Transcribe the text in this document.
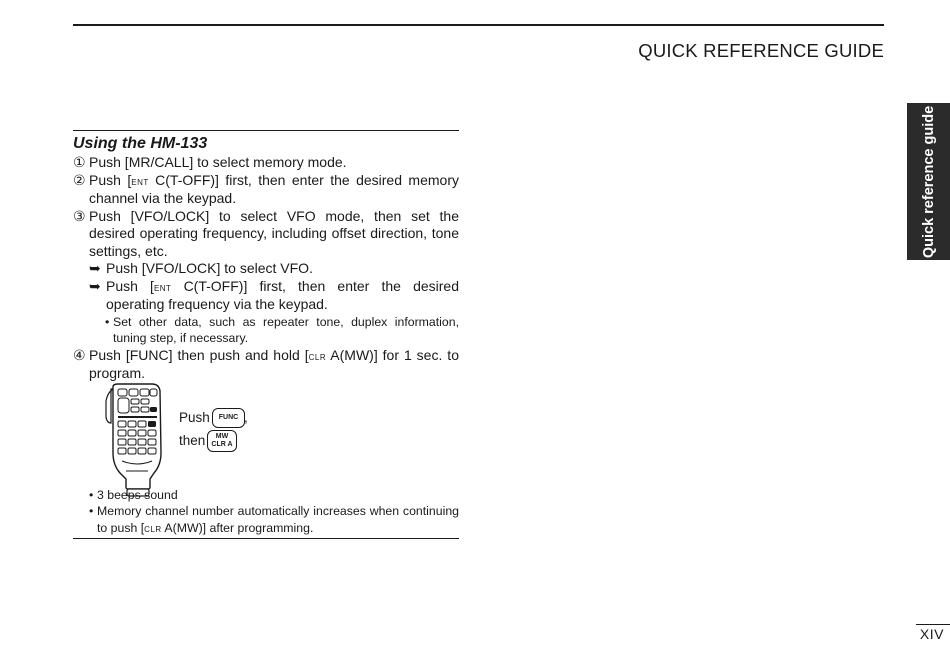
QUICK REFERENCE GUIDE
Quick reference guide
Using the HM-133
① Push [MR/CALL] to select memory mode.
② Push [ent C(T-OFF)] first, then enter the desired memory channel via the keypad.
③ Push [VFO/LOCK] to select VFO mode, then set the desired operating frequency, including offset direction, tone settings, etc.
➥ Push [VFO/LOCK] to select VFO.
➥ Push [ent C(T-OFF)] first, then enter the desired operating frequency via the keypad.
• Set other data, such as repeater tone, duplex information, tuning step, if necessary.
④ Push [FUNC] then push and hold [clr A(MW)] for 1 sec. to program.
Push	FUNC ,
then	MW
CLR A
• 3 beeps sound
• Memory channel number automatically increases when continuing to push [clr A(MW)] after programming.
XIV
